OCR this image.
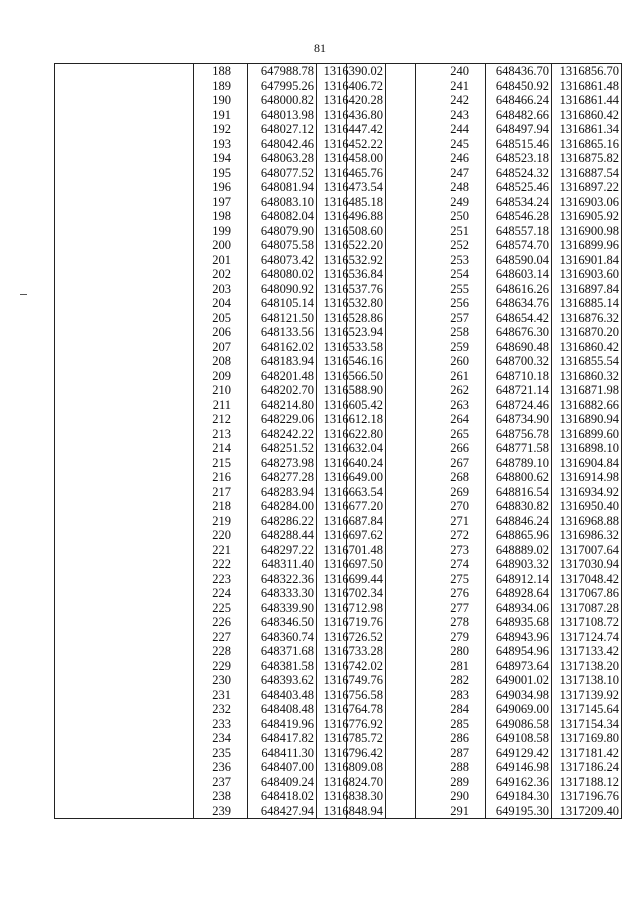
81
	188	647988.78	1316390.02
	189	647995.26	1316406.72
	190	648000.82	1316420.28
	191	648013.98	1316436.80
	192	648027.12	1316447.42
	193	648042.46	1316452.22
	194	648063.28	1316458.00
	195	648077.52	1316465.76
	196	648081.94	1316473.54
	197	648083.10	1316485.18
	198	648082.04	1316496.88
	199	648079.90	1316508.60
	200	648075.58	1316522.20
	201	648073.42	1316532.92
	202	648080.02	1316536.84
	203	648090.92	1316537.76
	204	648105.14	1316532.80
	205	648121.50	1316528.86
	206	648133.56	1316523.94
	207	648162.02	1316533.58
	208	648183.94	1316546.16
	209	648201.48	1316566.50
	210	648202.70	1316588.90
	211	648214.80	1316605.42
	212	648229.06	1316612.18
	213	648242.22	1316622.80
	214	648251.52	1316632.04
	215	648273.98	1316640.24
	216	648277.28	1316649.00
	217	648283.94	1316663.54
	218	648284.00	1316677.20
	219	648286.22	1316687.84
	220	648288.44	1316697.62
	221	648297.22	1316701.48
	222	648311.40	1316697.50
	223	648322.36	1316699.44
	224	648333.30	1316702.34
	225	648339.90	1316712.98
	226	648346.50	1316719.76
	227	648360.74	1316726.52
	228	648371.68	1316733.28
	229	648381.58	1316742.02
	230	648393.62	1316749.76
	231	648403.48	1316756.58
	232	648408.48	1316764.78
	233	648419.96	1316776.92
	234	648417.82	1316785.72
	235	648411.30	1316796.42
	236	648407.00	1316809.08
	237	648409.24	1316824.70
	238	648418.02	1316838.30
	239	648427.94	1316848.94
	240	648436.70	1316856.70
	241	648450.92	1316861.48
	242	648466.24	1316861.44
	243	648482.66	1316860.42
	244	648497.94	1316861.34
	245	648515.46	1316865.16
	246	648523.18	1316875.82
	247	648524.32	1316887.54
	248	648525.46	1316897.22
	249	648534.24	1316903.06
	250	648546.28	1316905.92
	251	648557.18	1316900.98
	252	648574.70	1316899.96
	253	648590.04	1316901.84
	254	648603.14	1316903.60
	255	648616.26	1316897.84
	256	648634.76	1316885.14
	257	648654.42	1316876.32
	258	648676.30	1316870.20
	259	648690.48	1316860.42
	260	648700.32	1316855.54
	261	648710.18	1316860.32
	262	648721.14	1316871.98
	263	648724.46	1316882.66
	264	648734.90	1316890.94
	265	648756.78	1316899.60
	266	648771.58	1316898.10
	267	648789.10	1316904.84
	268	648800.62	1316914.98
	269	648816.54	1316934.92
	270	648830.82	1316950.40
	271	648846.24	1316968.88
	272	648865.96	1316986.32
	273	648889.02	1317007.64
	274	648903.32	1317030.94
	275	648912.14	1317048.42
	276	648928.64	1317067.86
	277	648934.06	1317087.28
	278	648935.68	1317108.72
	279	648943.96	1317124.74
	280	648954.96	1317133.42
	281	648973.64	1317138.20
	282	649001.02	1317138.10
	283	649034.98	1317139.92
	284	649069.00	1317145.64
	285	649086.58	1317154.34
	286	649108.58	1317169.80
	287	649129.42	1317181.42
	288	649146.98	1317186.24
	289	649162.36	1317188.12
	290	649184.30	1317196.76
	291	649195.30	1317209.40
